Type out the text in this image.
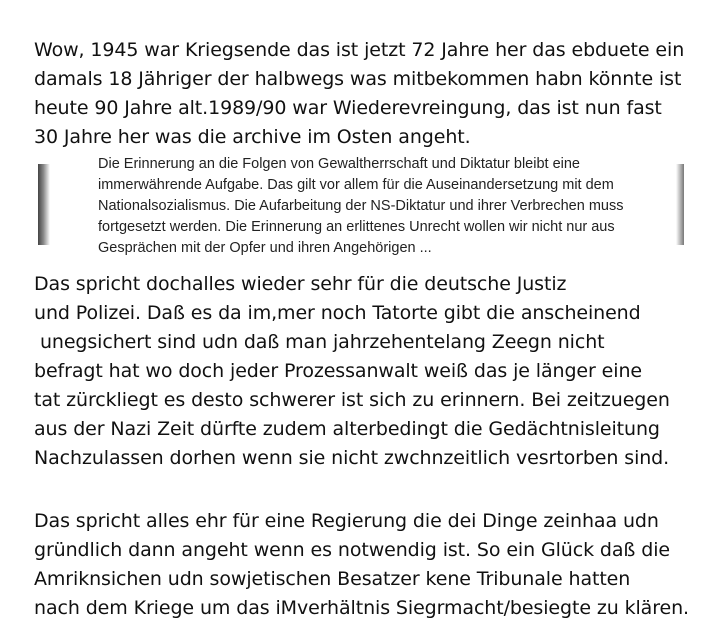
Wow, 1945 war Kriegsende das ist jetzt 72 Jahre her das ebduete ein
damals 18 Jähriger der halbwegs was mitbekommen habn könnte ist
heute 90 Jahre alt.1989/90 war Wiederevreingung, das ist nun fast
30 Jahre her was die archive im Osten angeht.
Die Erinnerung an die Folgen von Gewaltherrschaft und Diktatur bleibt eine
immerwährende Aufgabe. Das gilt vor allem für die Auseinandersetzung mit dem
Nationalsozialismus. Die Aufarbeitung der NS-Diktatur und ihrer Verbrechen muss
fortgesetzt werden. Die Erinnerung an erlittenes Unrecht wollen wir nicht nur aus
Gesprächen mit der Opfer und ihren Angehörigen ...
Das spricht dochalles wieder sehr für die deutsche Justiz
und Polizei. Daß es da im,mer noch Tatorte gibt die anscheinend
unegsichert sind udn daß man jahrzehentelang Zeegn nicht
befragt hat wo doch jeder Prozessanwalt weiß das je länger eine
tat zürckliegt es desto schwerer ist sich zu erinnern. Bei zeitzuegen
aus der Nazi Zeit dürfte zudem alterbedingt die Gedächtnisleitung
Nachzulassen dorhen wenn sie nicht zwchnzeitlich vesrtorben sind.
Das spricht alles ehr für eine Regierung die dei Dinge zeinhaa udn
gründlich dann angeht wenn es notwendig ist. So ein Glück daß die
Amriknsichen udn sowjetischen Besatzer kene Tribunale hatten
nach dem Kriege um das iMverhältnis Siegrmacht/besiegte zu klären.
